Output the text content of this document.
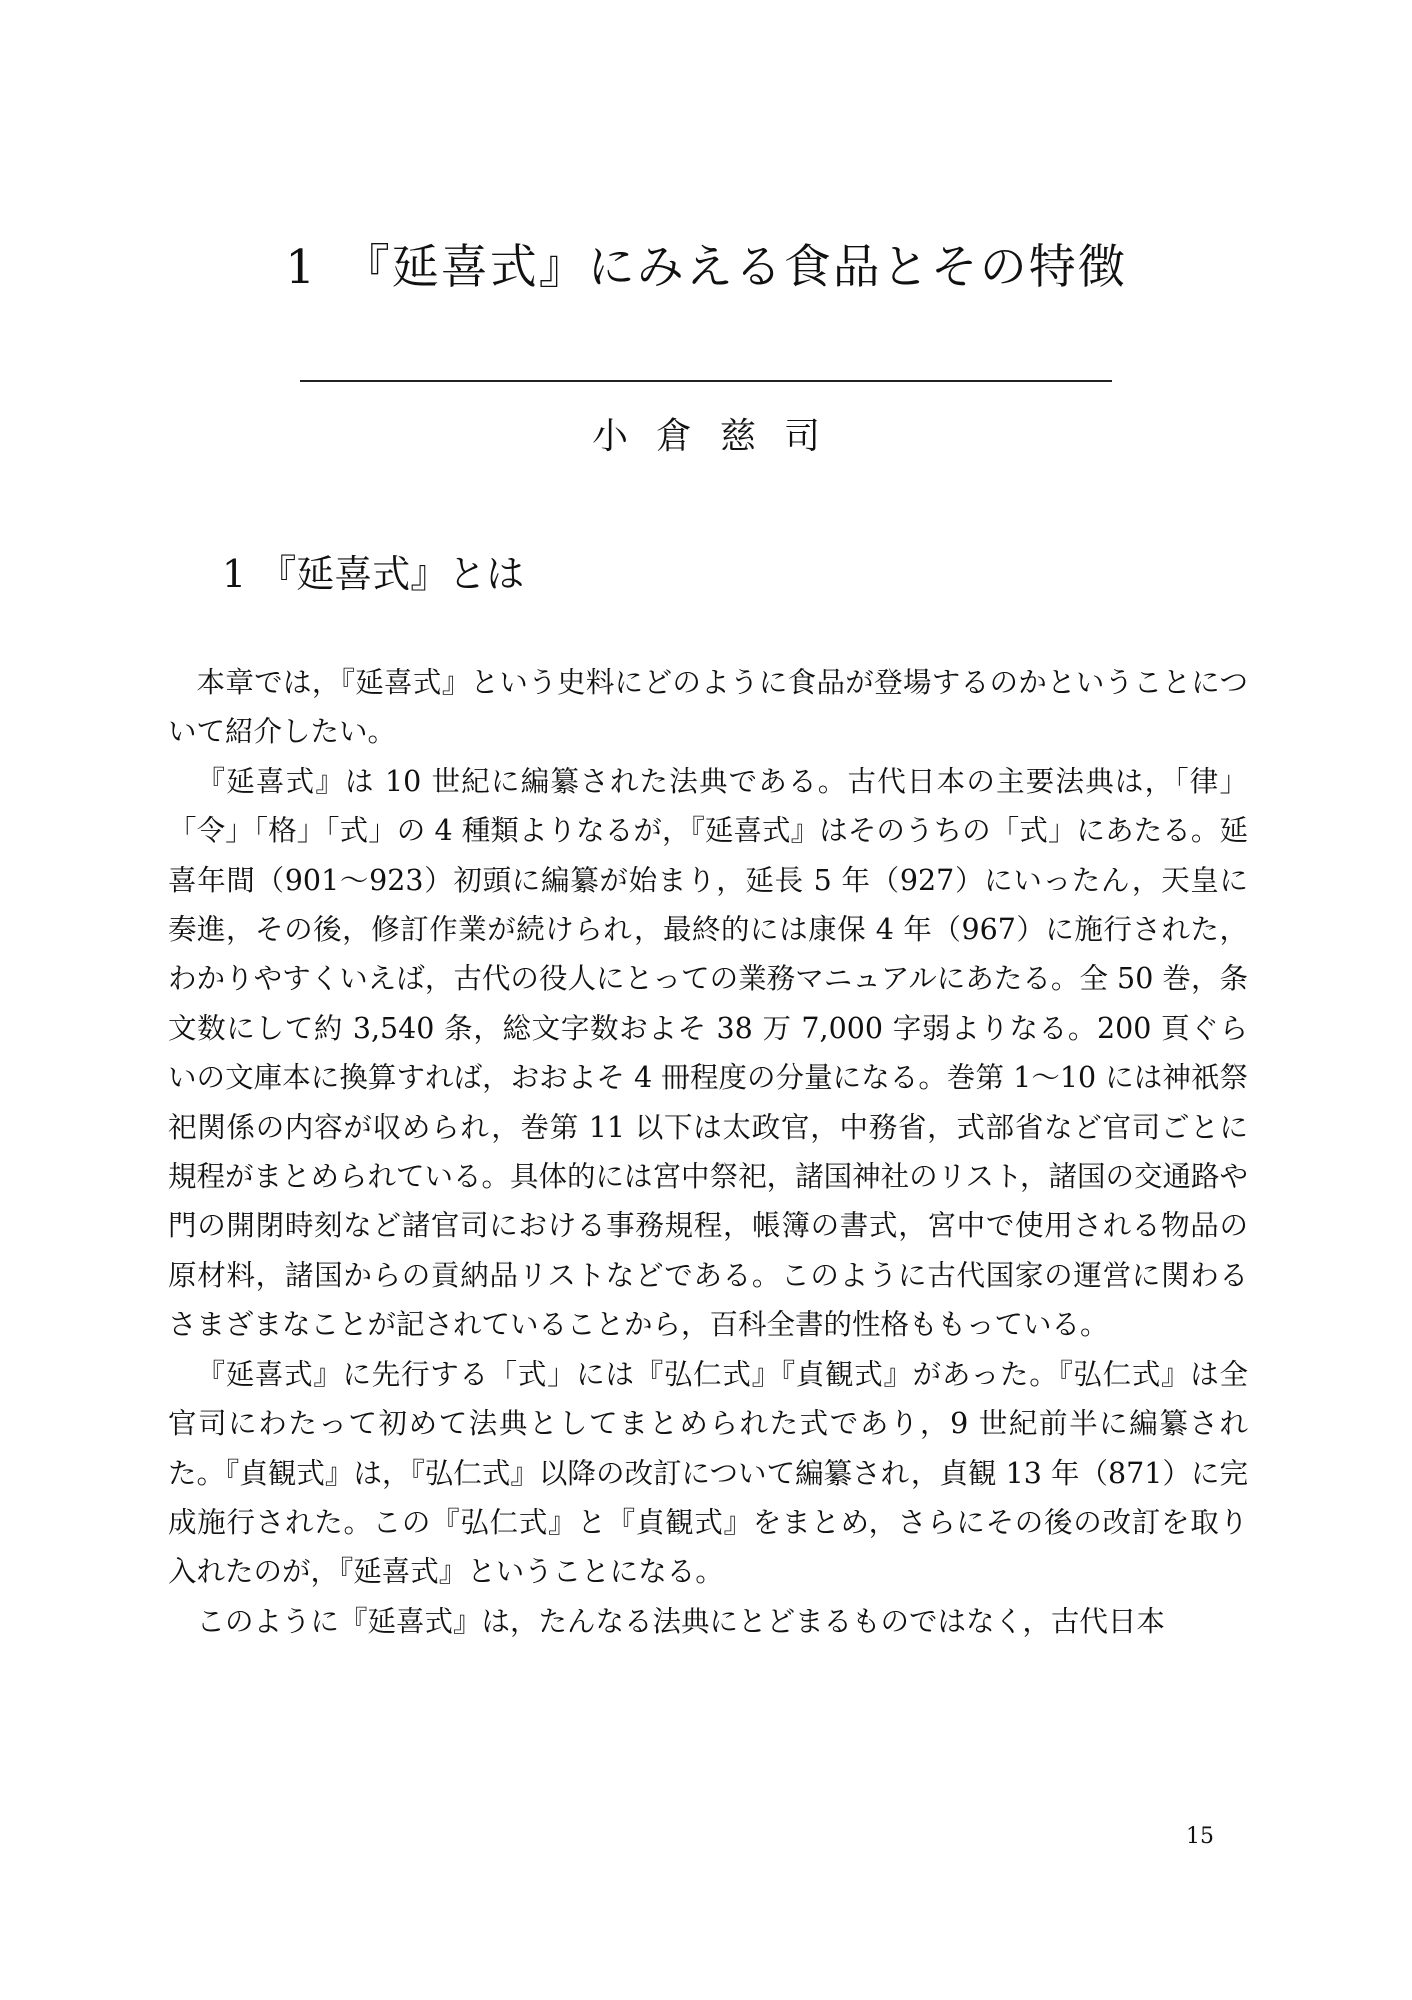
1　『延喜式』にみえる食品とその特徴
小倉慈司
1 『延喜式』とは

本章では，『延喜式』という史料にどのように食品が登場するのかということについて紹介したい。

『延喜式』は 10 世紀に編纂された法典である。古代日本の主要法典は，「律」「令」「格」「式」の 4 種類よりなるが，『延喜式』はそのうちの「式」にあたる。延喜年間（901〜923）初頭に編纂が始まり，延長 5 年（927）にいったん，天皇に奏進，その後，修訂作業が続けられ，最終的には康保 4 年（967）に施行された，わかりやすくいえば，古代の役人にとっての業務マニュアルにあたる。全 50 巻，条文数にして約 3,540 条，総文字数およそ 38 万 7,000 字弱よりなる。200 頁ぐらいの文庫本に換算すれば，おおよそ 4 冊程度の分量になる。巻第 1〜10 には神祇祭祀関係の内容が収められ，巻第 11 以下は太政官，中務省，式部省など官司ごとに規程がまとめられている。具体的には宮中祭祀，諸国神社のリスト，諸国の交通路や門の開閉時刻など諸官司における事務規程，帳簿の書式，宮中で使用される物品の原材料，諸国からの貢納品リストなどである。このように古代国家の運営に関わるさまざまなことが記されていることから，百科全書的性格ももっている。

『延喜式』に先行する「式」には『弘仁式』『貞観式』があった。『弘仁式』は全官司にわたって初めて法典としてまとめられた式であり，9 世紀前半に編纂された。『貞観式』は，『弘仁式』以降の改訂について編纂され，貞観 13 年（871）に完成施行された。この『弘仁式』と『貞観式』をまとめ，さらにその後の改訂を取り入れたのが，『延喜式』ということになる。

このように『延喜式』は，たんなる法典にとどまるものではなく，古代日本

15
